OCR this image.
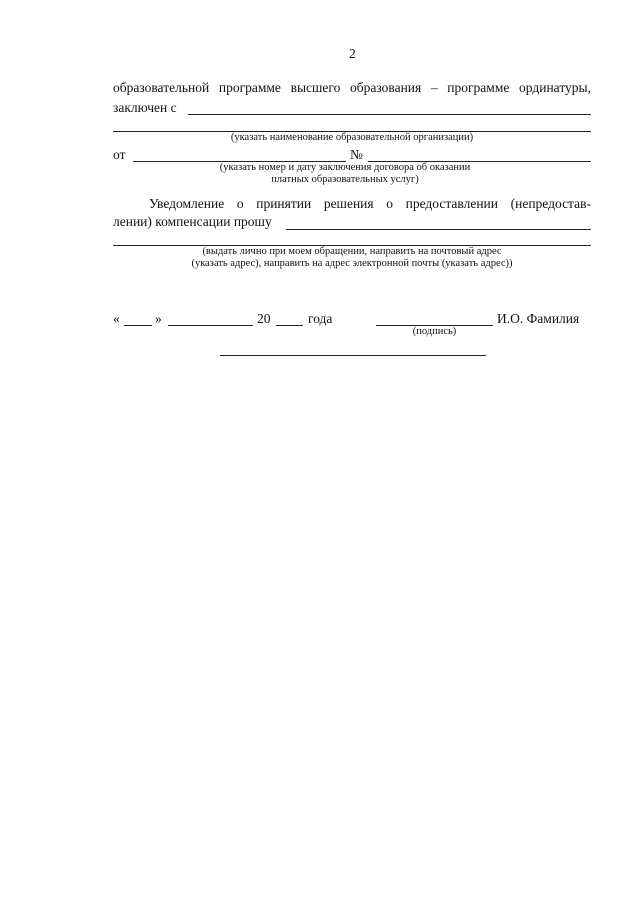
2
образовательной программе высшего образования – программе ординатуры,
заключен с
(указать наименование образовательной организации)
от	№
(указать номер и дату заключения договора об оказании
платных образовательных услуг)
Уведомление о принятии решения о предоставлении (непредостав-
лении) компенсации прошу
(выдать лично при моем обращении, направить на почтовый адрес
(указать адрес), направить на адрес электронной почты (указать адрес))
«	»	20	года	И.О. Фамилия
(подпись)
